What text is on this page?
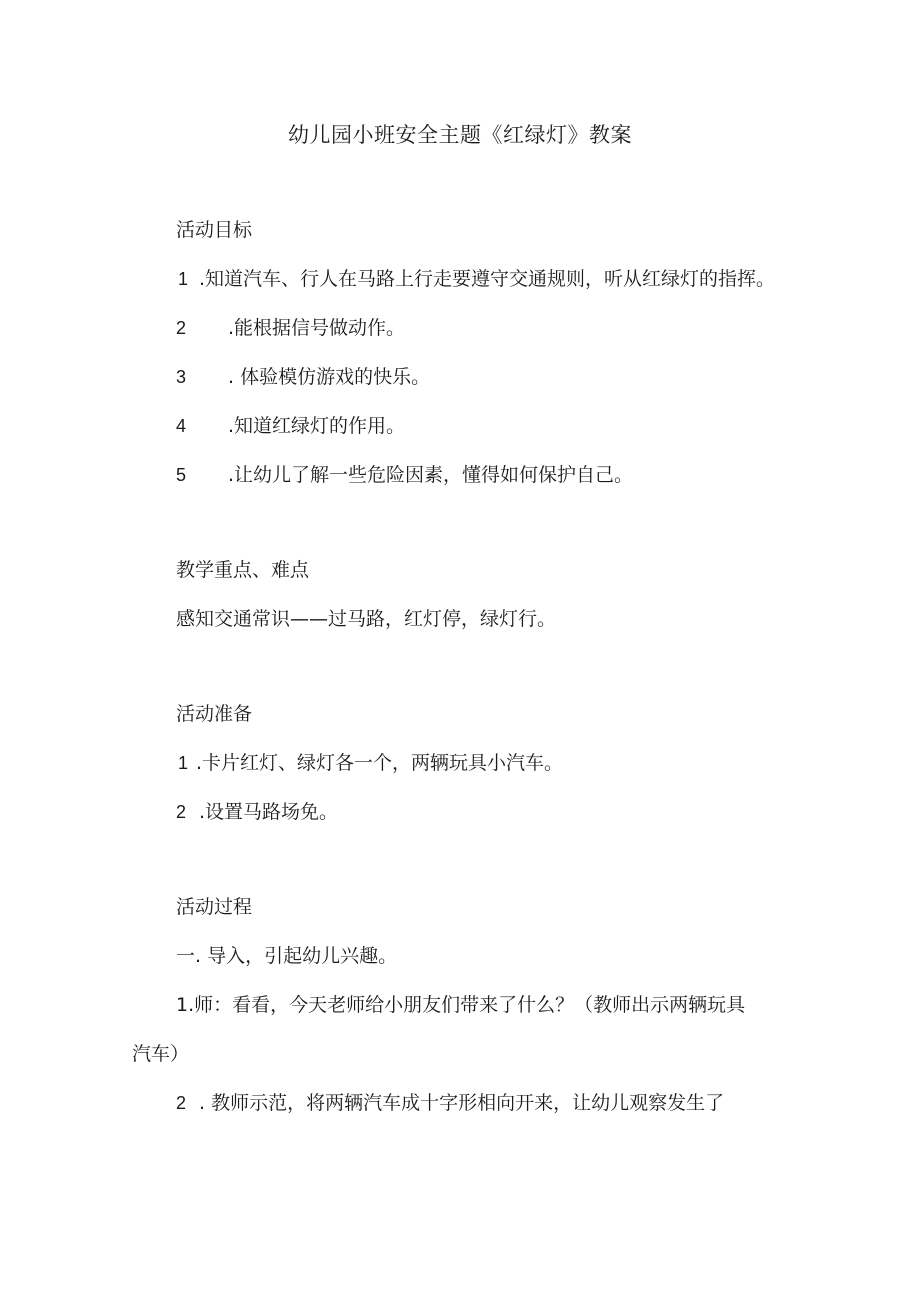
幼儿园小班安全主题《红绿灯》教案
活动目标
1 .知道汽车、行人在马路上行走要遵守交通规则，听从红绿灯的指挥。
2 .能根据信号做动作。
3 . 体验模仿游戏的快乐。
4 .知道红绿灯的作用。
5 .让幼儿了解一些危险因素，懂得如何保护自己。
教学重点、难点
感知交通常识——过马路，红灯停，绿灯行。
活动准备
1 .卡片红灯、绿灯各一个，两辆玩具小汽车。
2 .设置马路场免。
活动过程
一. 导入，引起幼儿兴趣。
1.师：看看，今天老师给小朋友们带来了什么？（教师出示两辆玩具
汽车）
2 . 教师示范，将两辆汽车成十字形相向开来，让幼儿观察发生了
